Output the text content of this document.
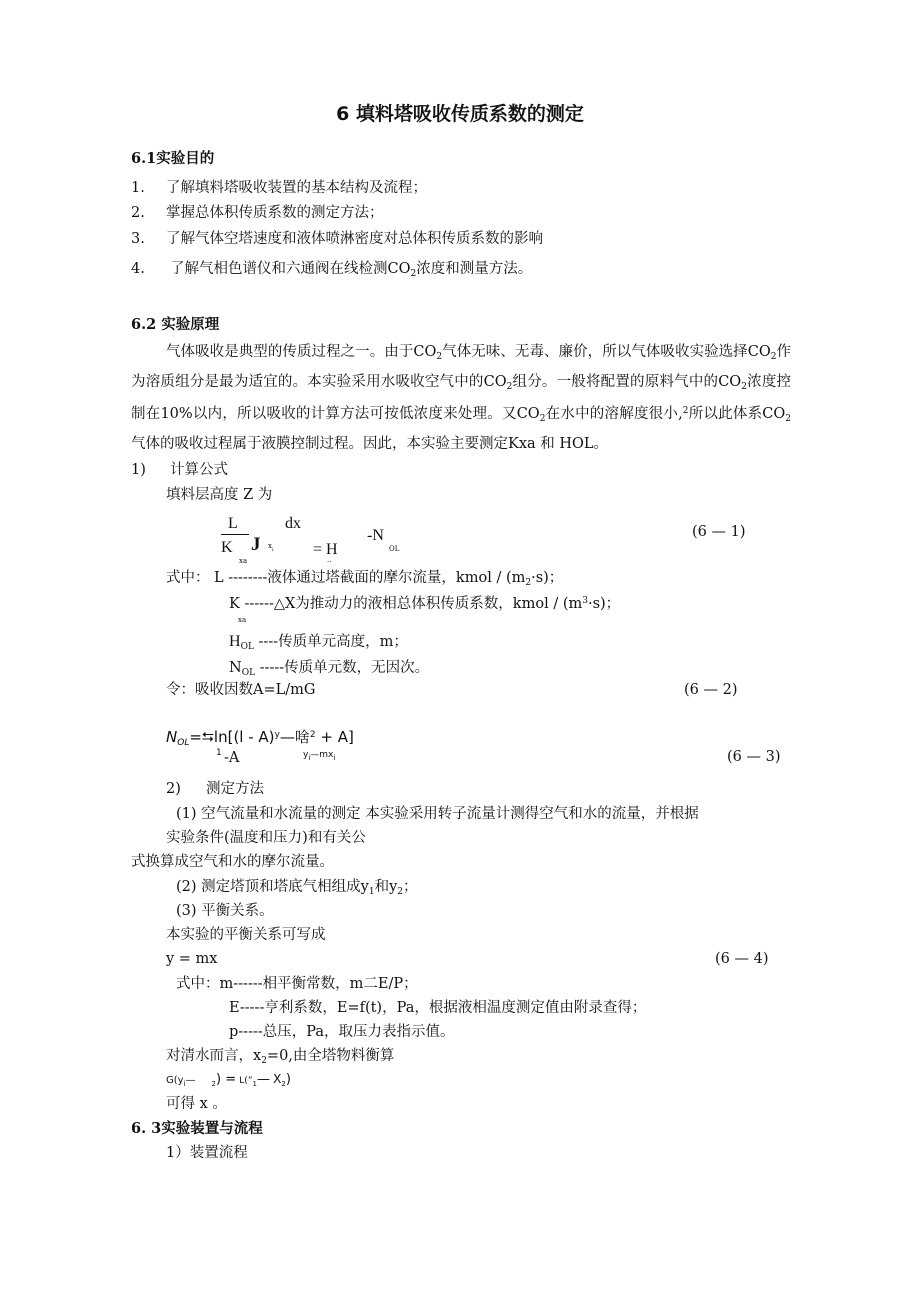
6 填料塔吸收传质系数的测定
6.1实验目的
1. 了解填料塔吸收装置的基本结构及流程；
2. 掌握总体积传质系数的测定方法；
3. 了解气体空塔速度和液体喷淋密度对总体积传质系数的影响
4. 了解气相色谱仪和六通阀在线检测$CO_2$浓度和测量方法。
6.2 实验原理
气体吸收是典型的传质过程之一。由于$CO_2$气体无味、无毒、廉价，所以气体吸收实验选择$CO_2$作为溶质组分是最为适宜的。本实验采用水吸收空气中的$CO_2$组分。一般将配置的原料气中的$CO_2$浓度控制在10%以内，所以吸收的计算方法可按低浓度来处理。又$CO_2$在水中的溶解度很小,$^2$所以此体系$CO_2$气体的吸收过程属于液膜控制过程。因此，本实验主要测定Kxa 和 HOL。
1) 计算公式
填料层高度 Z 为
L
K
xa
J $x_i$
dx
= H
··
-N
OL
(6 — 1)
式中： L --------液体通过塔截面的摩尔流量，kmol / $(m_2\cdot s)$；
K ------△X为推动力的液相总体积传质系数，kmol / $(m^3\cdot s)$；
xa
$H_{OL}$ ----传质单元高度，m；
$N_{OL}$ -----传质单元数，无因次。
令：吸收因数A=L/mG	(6 — 2)
$N_{OL}=⮀\ln[(l$ - A)$^y$—啥$^2$ + A]
1 -A	$y_i—mx_i$	(6 — 3)
2) 测定方法
(1) 空气流量和水流量的测定 本实验采用转子流量计测得空气和水的流量，并根据
实验条件(温度和压力)和有关公
式换算成空气和水的摩尔流量。
(2) 测定塔顶和塔底气相组成$y_1$和$y_2$；
(3) 平衡关系。
本实验的平衡关系可写成
y = mx	(6 — 4)
式中：m------相平衡常数，m二E/P；
E-----亨利系数，E=f(t)，Pa，根据液相温度测定值由附录查得；
p-----总压，Pa，取压力表指示值。
对清水而言，$x_2=0$,由全塔物料衡算
$G(y_i—$ $_2) = L(”_1—$ $X_2$)
可得 x 。
6. 3实验装置与流程
1）装置流程
